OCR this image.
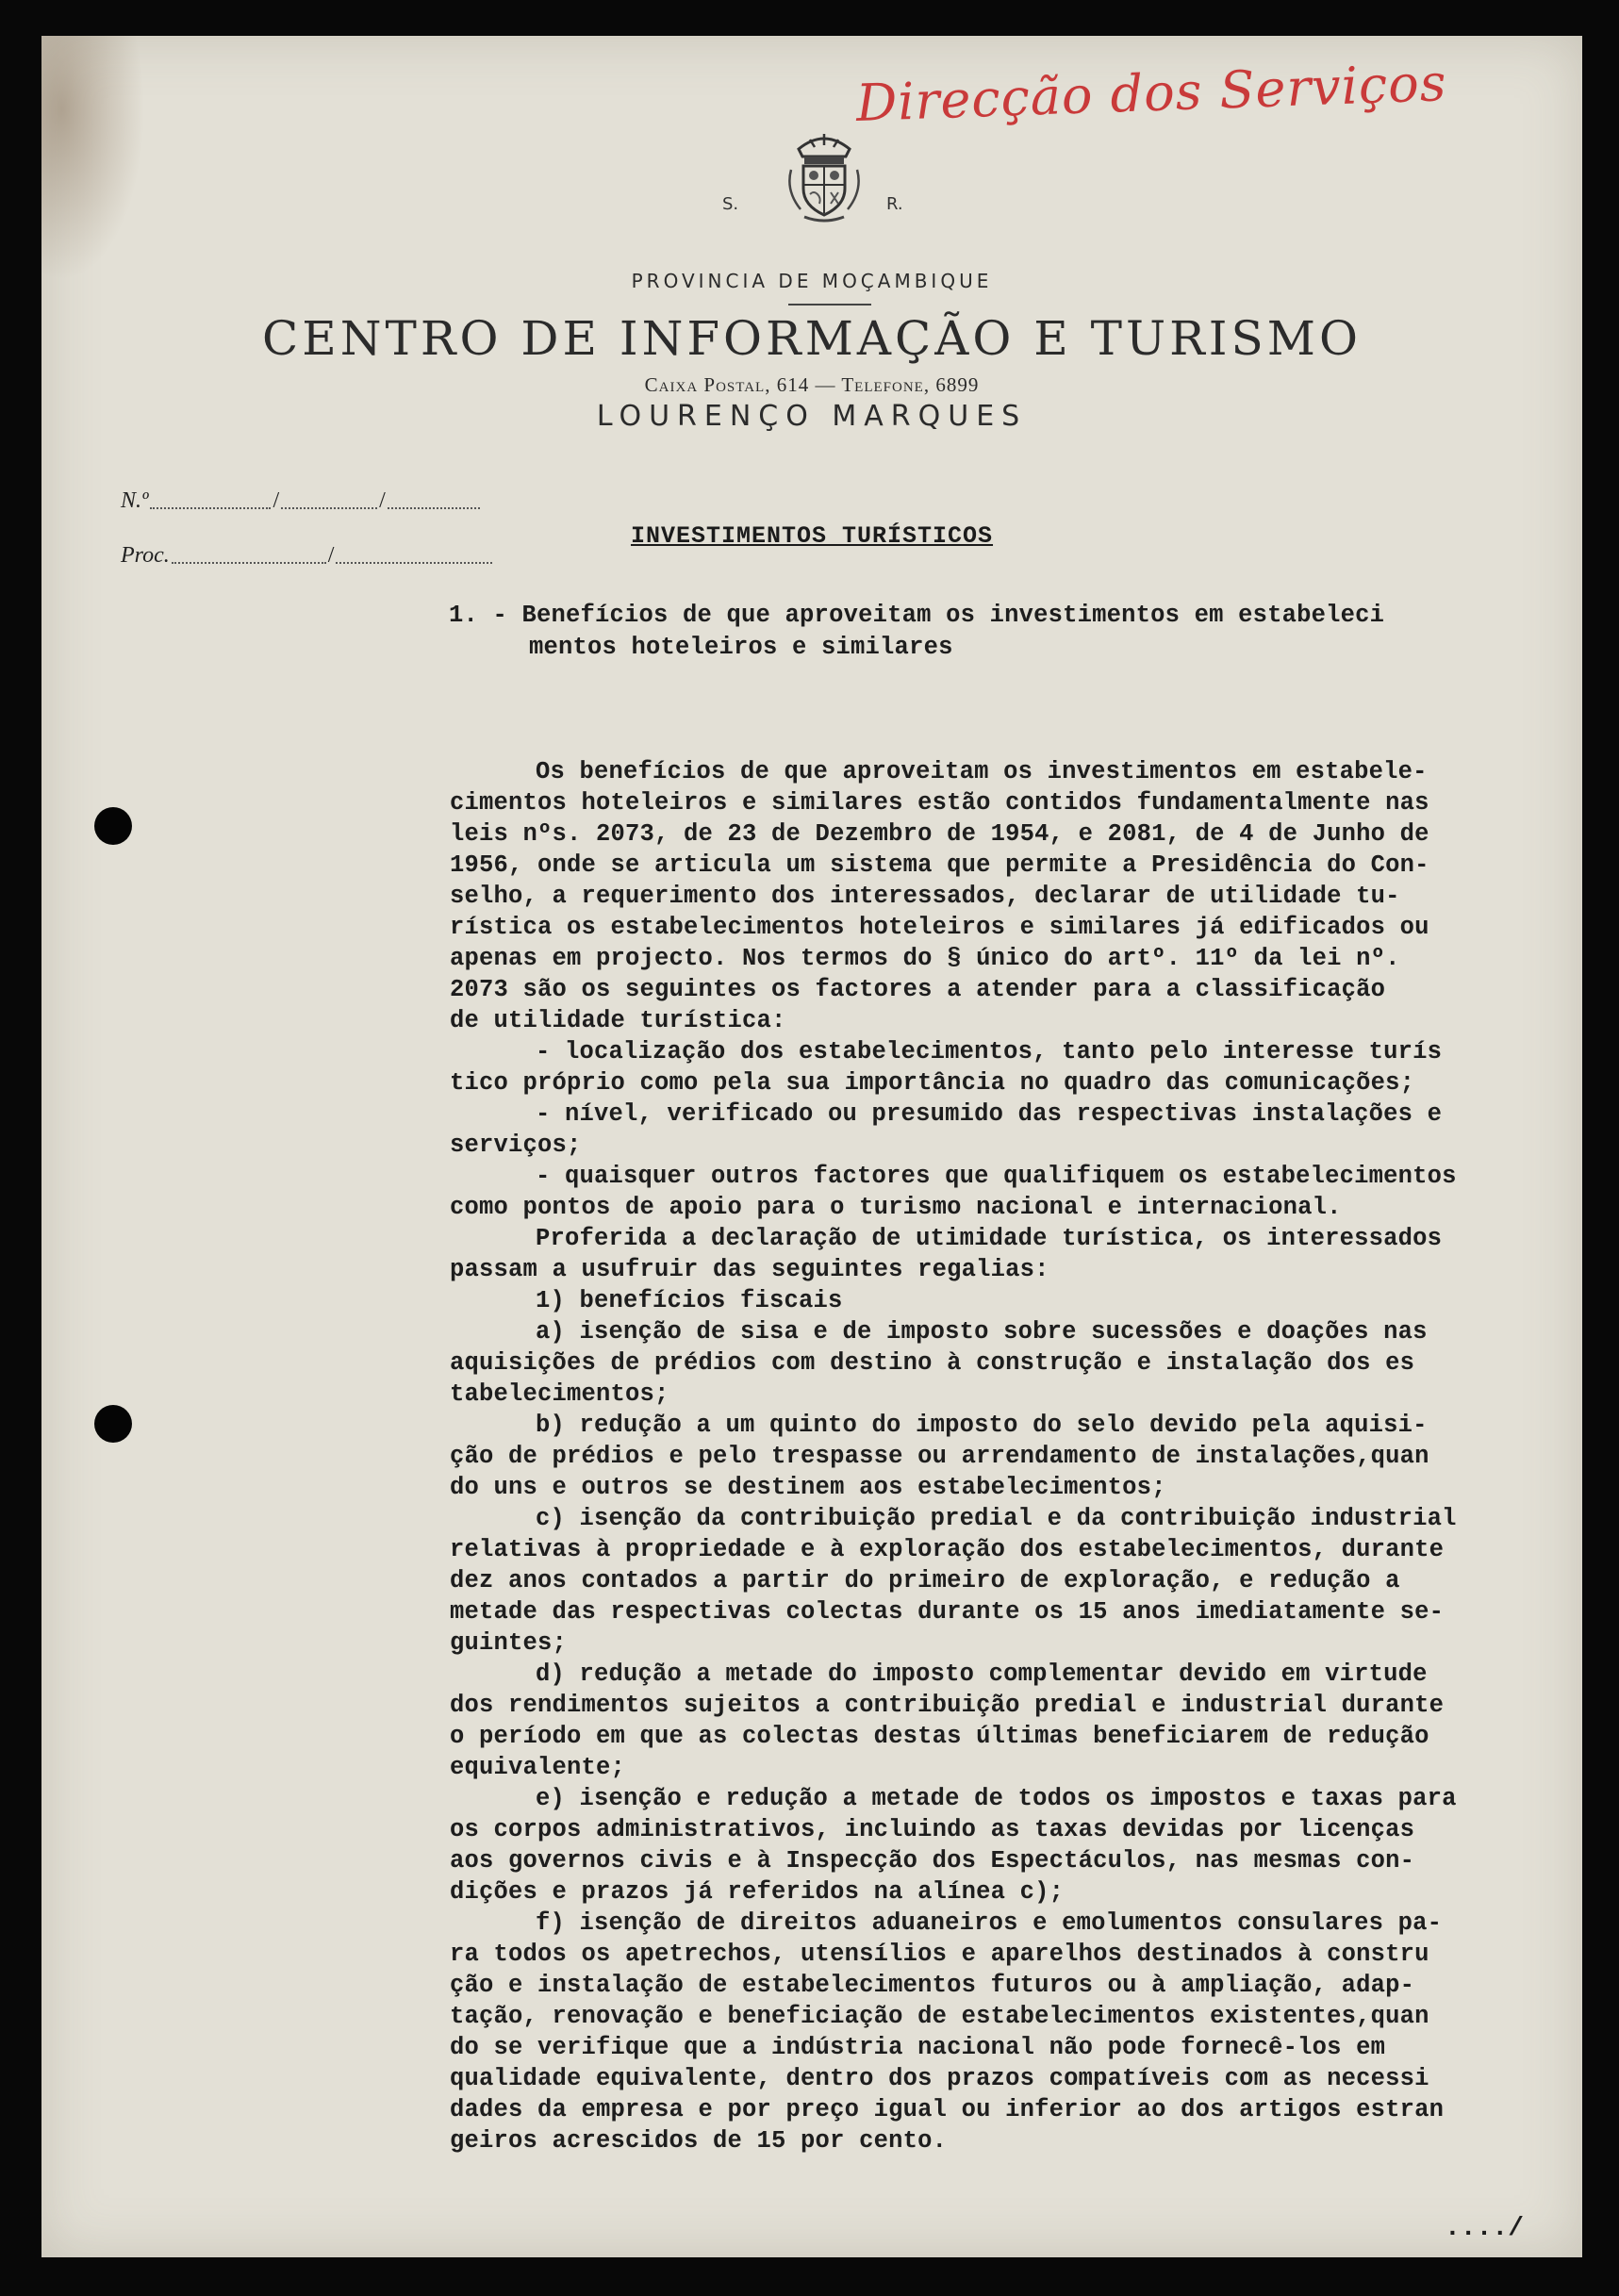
Direcção dos Serviços
S.	R.
PROVINCIA DE MOÇAMBIQUE
CENTRO DE INFORMAÇÃO E TURISMO
Caixa Postal, 614 — Telefone, 6899
LOURENÇO MARQUES
N.º	/	/
Proc.	/
INVESTIMENTOS TURÍSTICOS
1. - Benefícios de que aproveitam os investimentos em estabeleci
mentos hoteleiros e similares
Os benefícios de que aproveitam os investimentos em estabele-
cimentos hoteleiros e similares estão contidos fundamentalmente nas
leis nºs. 2073, de 23 de Dezembro de 1954, e 2081, de 4 de Junho de
1956, onde se articula um sistema que permite a Presidência do Con-
selho, a requerimento dos interessados, declarar de utilidade tu-
rística os estabelecimentos hoteleiros e similares já edificados ou
apenas em projecto. Nos termos do § único do artº. 11º da lei nº.
2073 são os seguintes os factores a atender para a classificação
de utilidade turística:
- localização dos estabelecimentos, tanto pelo interesse turís
tico próprio como pela sua importância no quadro das comunicações;
- nível, verificado ou presumido das respectivas instalações e
serviços;
- quaisquer outros factores que qualifiquem os estabelecimentos
como pontos de apoio para o turismo nacional e internacional.
Proferida a declaração de utimidade turística, os interessados
passam a usufruir das seguintes regalias:
1) benefícios fiscais
a) isenção de sisa e de imposto sobre sucessões e doações nas
aquisições de prédios com destino à construção e instalação dos es
tabelecimentos;
b) redução a um quinto do imposto do selo devido pela aquisi-
ção de prédios e pelo trespasse ou arrendamento de instalações,quan
do uns e outros se destinem aos estabelecimentos;
c) isenção da contribuição predial e da contribuição industrial
relativas à propriedade e à exploração dos estabelecimentos, durante
dez anos contados a partir do primeiro de exploração, e redução a
metade das respectivas colectas durante os 15 anos imediatamente se-
guintes;
d) redução a metade do imposto complementar devido em virtude
dos rendimentos sujeitos a contribuição predial e industrial durante
o período em que as colectas destas últimas beneficiarem de redução
equivalente;
e) isenção e redução a metade de todos os impostos e taxas para
os corpos administrativos, incluindo as taxas devidas por licenças
aos governos civis e à Inspecção dos Espectáculos, nas mesmas con-
dições e prazos já referidos na alínea c);
f) isenção de direitos aduaneiros e emolumentos consulares pa-
ra todos os apetrechos, utensílios e aparelhos destinados à constru
ção e instalação de estabelecimentos futuros ou à ampliação, adap-
tação, renovação e beneficiação de estabelecimentos existentes,quan
do se verifique que a indústria nacional não pode fornecê-los em
qualidade equivalente, dentro dos prazos compatíveis com as necessi
dades da empresa e por preço igual ou inferior ao dos artigos estran
geiros acrescidos de 15 por cento.
..../
